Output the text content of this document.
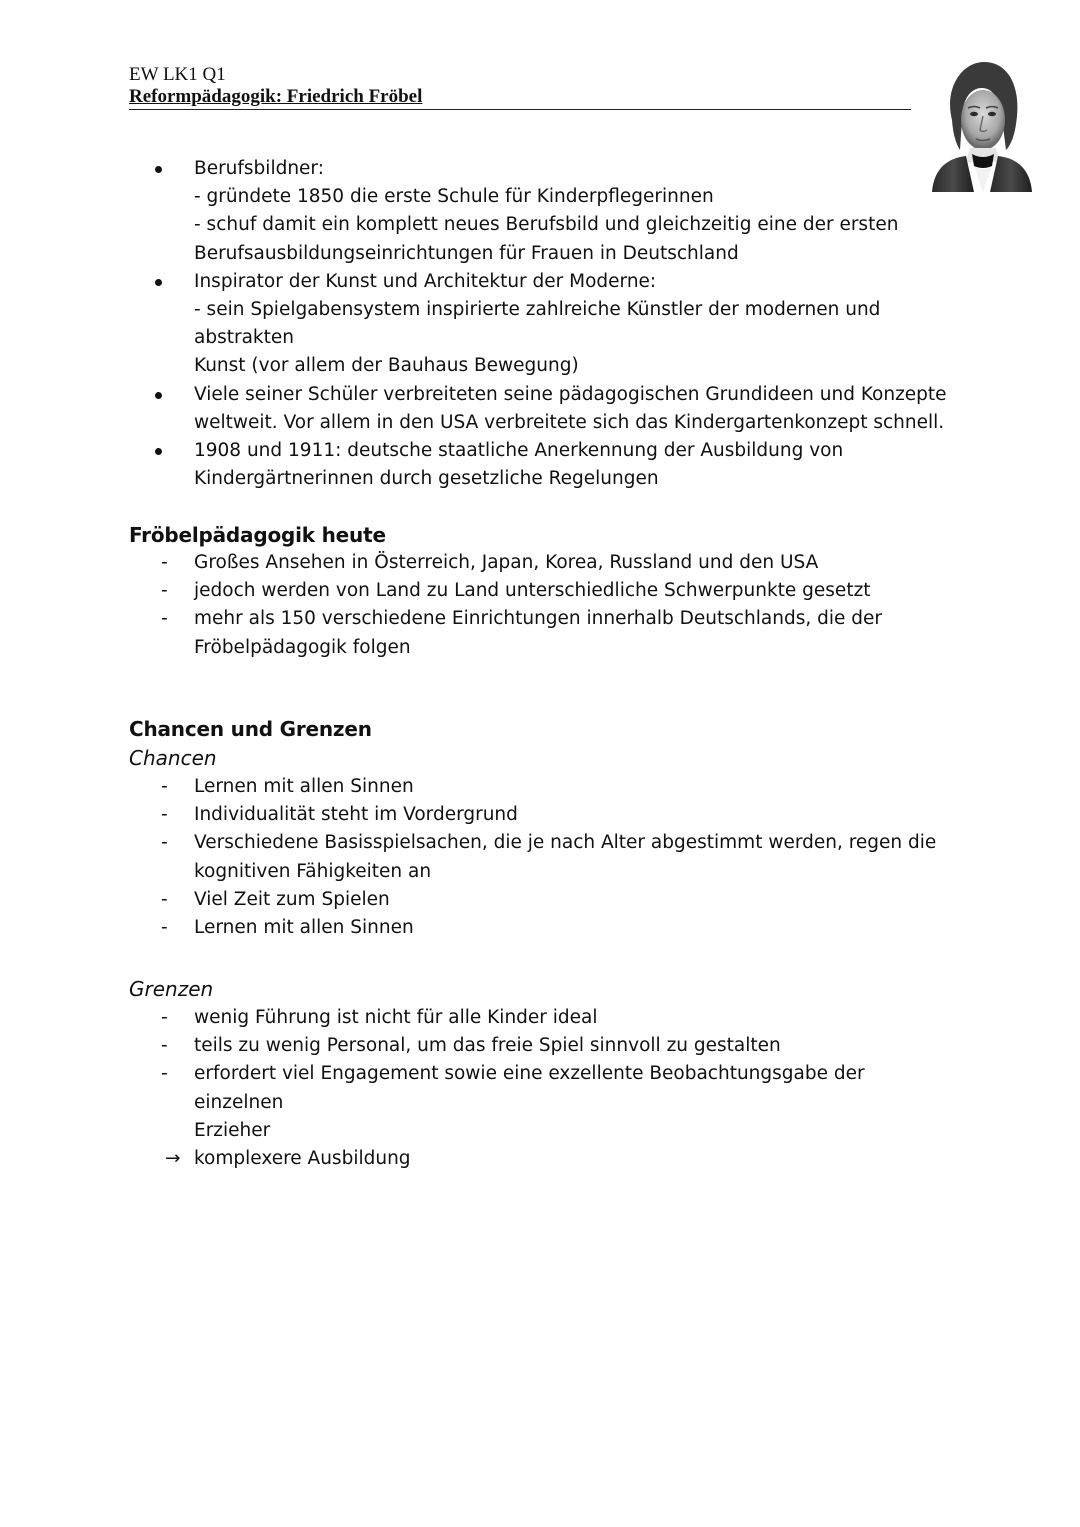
EW LK1 Q1
Reformpädagogik: Friedrich Fröbel
Berufsbildner:
- gründete 1850 die erste Schule für Kinderpflegerinnen
- schuf damit ein komplett neues Berufsbild und gleichzeitig eine der ersten
Berufsausbildungseinrichtungen für Frauen in Deutschland
Inspirator der Kunst und Architektur der Moderne:
- sein Spielgabensystem inspirierte zahlreiche Künstler der modernen und abstrakten
Kunst (vor allem der Bauhaus Bewegung)
Viele seiner Schüler verbreiteten seine pädagogischen Grundideen und Konzepte
weltweit. Vor allem in den USA verbreitete sich das Kindergartenkonzept schnell.
1908 und 1911: deutsche staatliche Anerkennung der Ausbildung von
Kindergärtnerinnen durch gesetzliche Regelungen
Fröbelpädagogik heute
- Großes Ansehen in Österreich, Japan, Korea, Russland und den USA
- jedoch werden von Land zu Land unterschiedliche Schwerpunkte gesetzt
- mehr als 150 verschiedene Einrichtungen innerhalb Deutschlands, die der
Fröbelpädagogik folgen
Chancen und Grenzen
Chancen
- Lernen mit allen Sinnen
- Individualität steht im Vordergrund
- Verschiedene Basisspielsachen, die je nach Alter abgestimmt werden, regen die
kognitiven Fähigkeiten an
- Viel Zeit zum Spielen
- Lernen mit allen Sinnen
Grenzen
- wenig Führung ist nicht für alle Kinder ideal
- teils zu wenig Personal, um das freie Spiel sinnvoll zu gestalten
- erfordert viel Engagement sowie eine exzellente Beobachtungsgabe der einzelnen
Erzieher
→ komplexere Ausbildung
